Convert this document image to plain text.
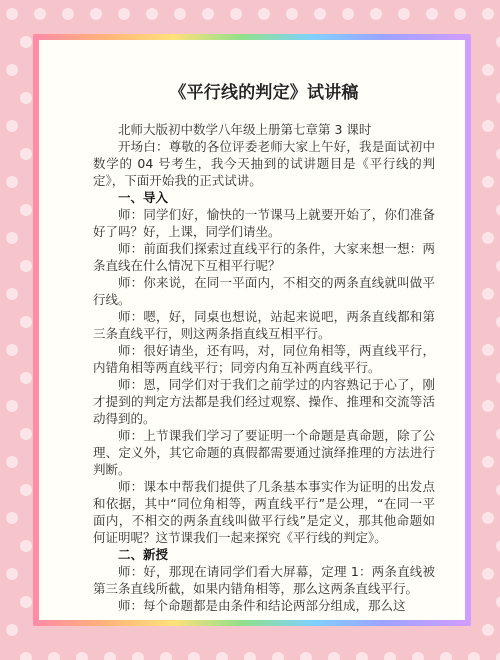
《平行线的判定》试讲稿

北师大版初中数学八年级上册第七章第 3 课时

开场白：尊敬的各位评委老师大家上午好，我是面试初中数学的 04 号考生，我今天抽到的试讲题目是《平行线的判定》，下面开始我的正式试讲。

一、导入

师：同学们好，愉快的一节课马上就要开始了，你们准备好了吗？好，上课，同学们请坐。

师：前面我们探索过直线平行的条件，大家来想一想：两条直线在什么情况下互相平行呢？

师：你来说，在同一平面内，不相交的两条直线就叫做平行线。

师：嗯，好，同桌也想说，站起来说吧，两条直线都和第三条直线平行，则这两条指直线互相平行。

师：很好请坐，还有吗，对，同位角相等，两直线平行，内错角相等两直线平行；同旁内角互补两直线平行。

师：恩，同学们对于我们之前学过的内容熟记于心了，刚才提到的判定方法都是我们经过观察、操作、推理和交流等活动得到的。

师：上节课我们学习了要证明一个命题是真命题，除了公理、定义外，其它命题的真假都需要通过演绎推理的方法进行判断。

师：课本中帮我们提供了几条基本事实作为证明的出发点和依据，其中“同位角相等，两直线平行”是公理，“在同一平面内，不相交的两条直线叫做平行线”是定义，那其他命题如何证明呢？这节课我们一起来探究《平行线的判定》。

二、新授

师：好，那现在请同学们看大屏幕，定理 1：两条直线被第三条直线所截，如果内错角相等，那么这两条直线平行。

师：每个命题都是由条件和结论两部分组成，那么这
